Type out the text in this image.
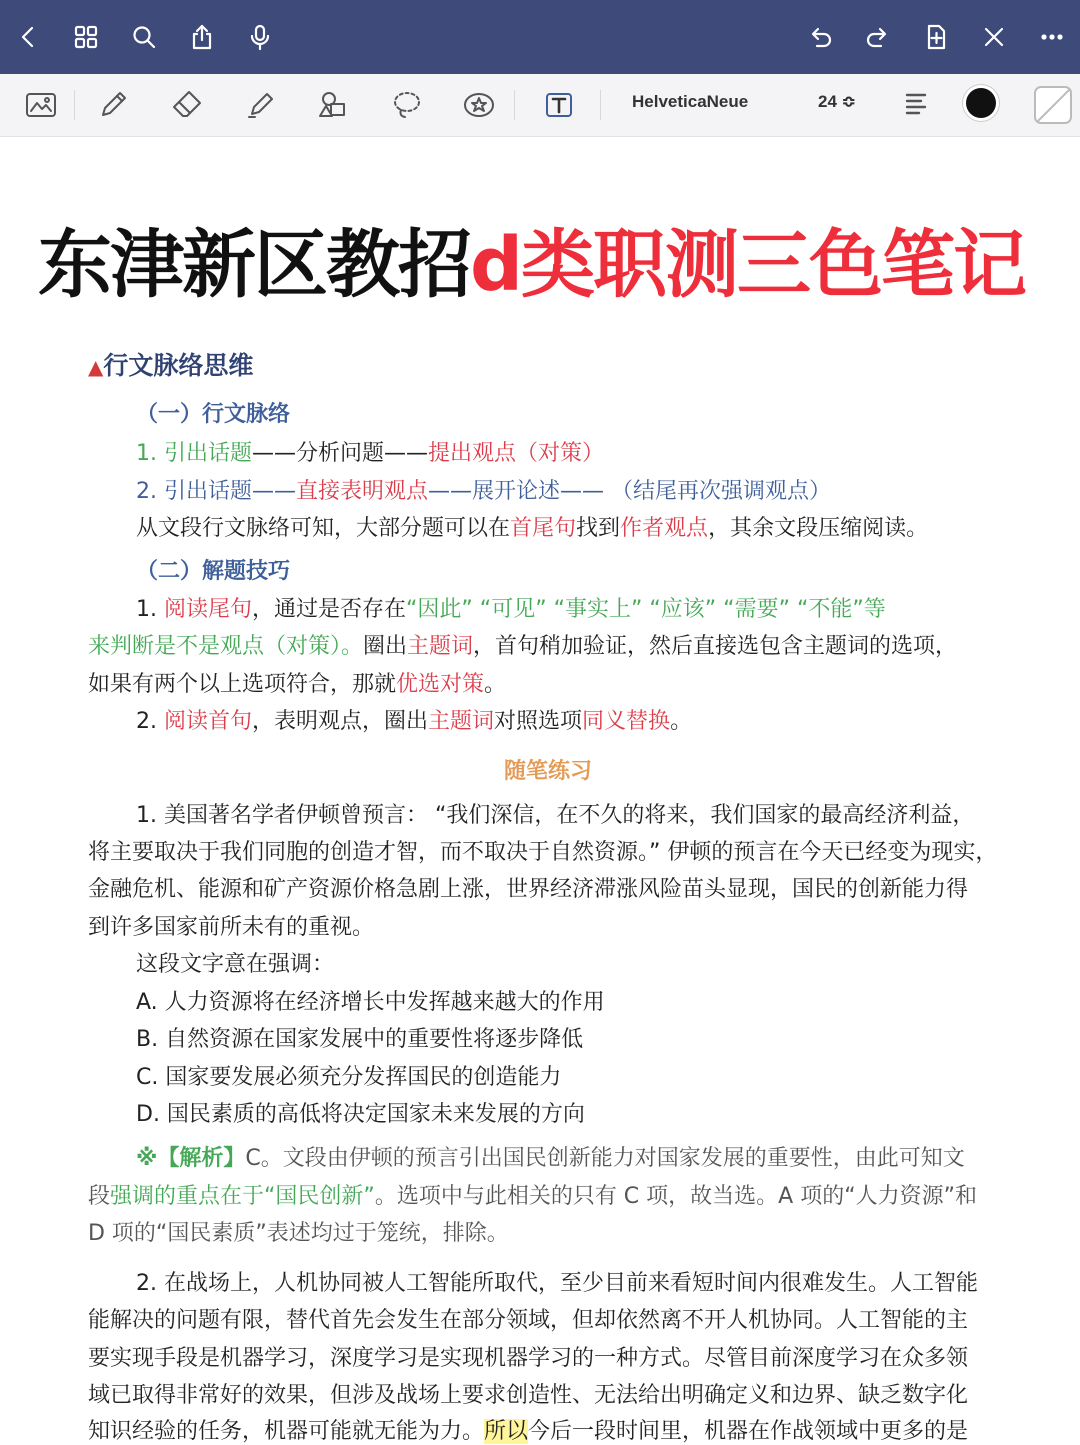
HelveticaNeue	24 ≎
东津新区教招d类职测三色笔记
▲行文脉络思维
（一）行文脉络
1. 引出话题——分析问题——提出观点（对策）
2. 引出话题——直接表明观点——展开论述—— （结尾再次强调观点）
从文段行文脉络可知，大部分题可以在首尾句找到作者观点，其余文段压缩阅读。
（二）解题技巧
1. 阅读尾句，通过是否存在“因此” “可见” “事实上” “应该” “需要” “不能”等
来判断是不是观点（对策）。圈出主题词，首句稍加验证，然后直接选包含主题词的选项，
如果有两个以上选项符合，那就优选对策。
2. 阅读首句，表明观点，圈出主题词对照选项同义替换。
随笔练习
1. 美国著名学者伊顿曾预言： “我们深信，在不久的将来，我们国家的最高经济利益，
将主要取决于我们同胞的创造才智，而不取决于自然资源。” 伊顿的预言在今天已经变为现实，
金融危机、能源和矿产资源价格急剧上涨，世界经济滞涨风险苗头显现，国民的创新能力得
到许多国家前所未有的重视。
这段文字意在强调：
A. 人力资源将在经济增长中发挥越来越大的作用
B. 自然资源在国家发展中的重要性将逐步降低
C. 国家要发展必须充分发挥国民的创造能力
D. 国民素质的高低将决定国家未来发展的方向
※【解析】C。文段由伊顿的预言引出国民创新能力对国家发展的重要性，由此可知文
段强调的重点在于“国民创新”。选项中与此相关的只有 C 项，故当选。A 项的“人力资源”和
D 项的“国民素质”表述均过于笼统，排除。
2. 在战场上，人机协同被人工智能所取代，至少目前来看短时间内很难发生。人工智能
能解决的问题有限，替代首先会发生在部分领域，但却依然离不开人机协同。人工智能的主
要实现手段是机器学习，深度学习是实现机器学习的一种方式。尽管目前深度学习在众多领
域已取得非常好的效果，但涉及战场上要求创造性、无法给出明确定义和边界、缺乏数字化
知识经验的任务，机器可能就无能为力。所以今后一段时间里，机器在作战领域中更多的是
